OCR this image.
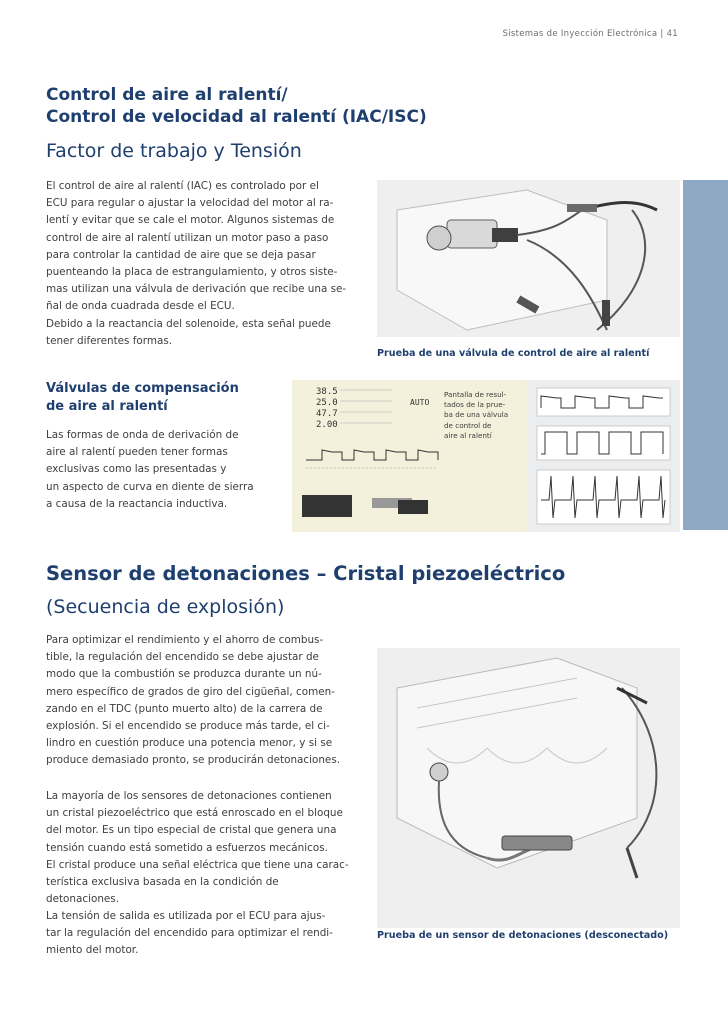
Sistemas de Inyección Electrónica | 41
Control de aire al ralentí/
Control de velocidad al ralentí (IAC/ISC)
Factor de trabajo y Tensión
El control de aire al ralentí (IAC) es controlado por el
ECU para regular o ajustar la velocidad del motor al ra-
lentí y evitar que se cale el motor. Algunos sistemas de
control de aire al ralentí utilizan un motor paso a paso
para controlar la cantidad de aire que se deja pasar
puenteando la placa de estrangulamiento, y otros siste-
mas utilizan una válvula de derivación que recibe una se-
ñal de onda cuadrada desde el ECU.
Debido a la reactancia del solenoide, esta señal puede
tener diferentes formas.
Prueba de una válvula de control de aire al ralentí
Válvulas de compensación
de aire al ralentí
Las formas de onda de derivación de
aire al ralentí pueden tener formas
exclusivas como las presentadas y
un aspecto de curva en diente de sierra
a causa de la reactancia inductiva.
38.5
25.0
47.7
2.00
AUTO
Pantalla de resul-
tados de la prue-
ba de una válvula
de control de
aire al ralentí
Sensor de detonaciones – Cristal piezoeléctrico
(Secuencia de explosión)
Para optimizar el rendimiento y el ahorro de combus-
tible, la regulación del encendido se debe ajustar de
modo que la combustión se produzca durante un nú-
mero específico de grados de giro del cigüeñal, comen-
zando en el TDC (punto muerto alto) de la carrera de
explosión. Si el encendido se produce más tarde, el ci-
lindro en cuestión produce una potencia menor, y si se
produce demasiado pronto, se producirán detonaciones.
La mayoría de los sensores de detonaciones contienen
un cristal piezoeléctrico que está enroscado en el bloque
del motor. Es un tipo especial de cristal que genera una
tensión cuando está sometido a esfuerzos mecánicos.
El cristal produce una señal eléctrica que tiene una carac-
terística exclusiva basada en la condición de detonaciones.
La tensión de salida es utilizada por el ECU para ajus-
tar la regulación del encendido para optimizar el rendi-
miento del motor.
Prueba de un sensor de detonaciones (desconectado)
